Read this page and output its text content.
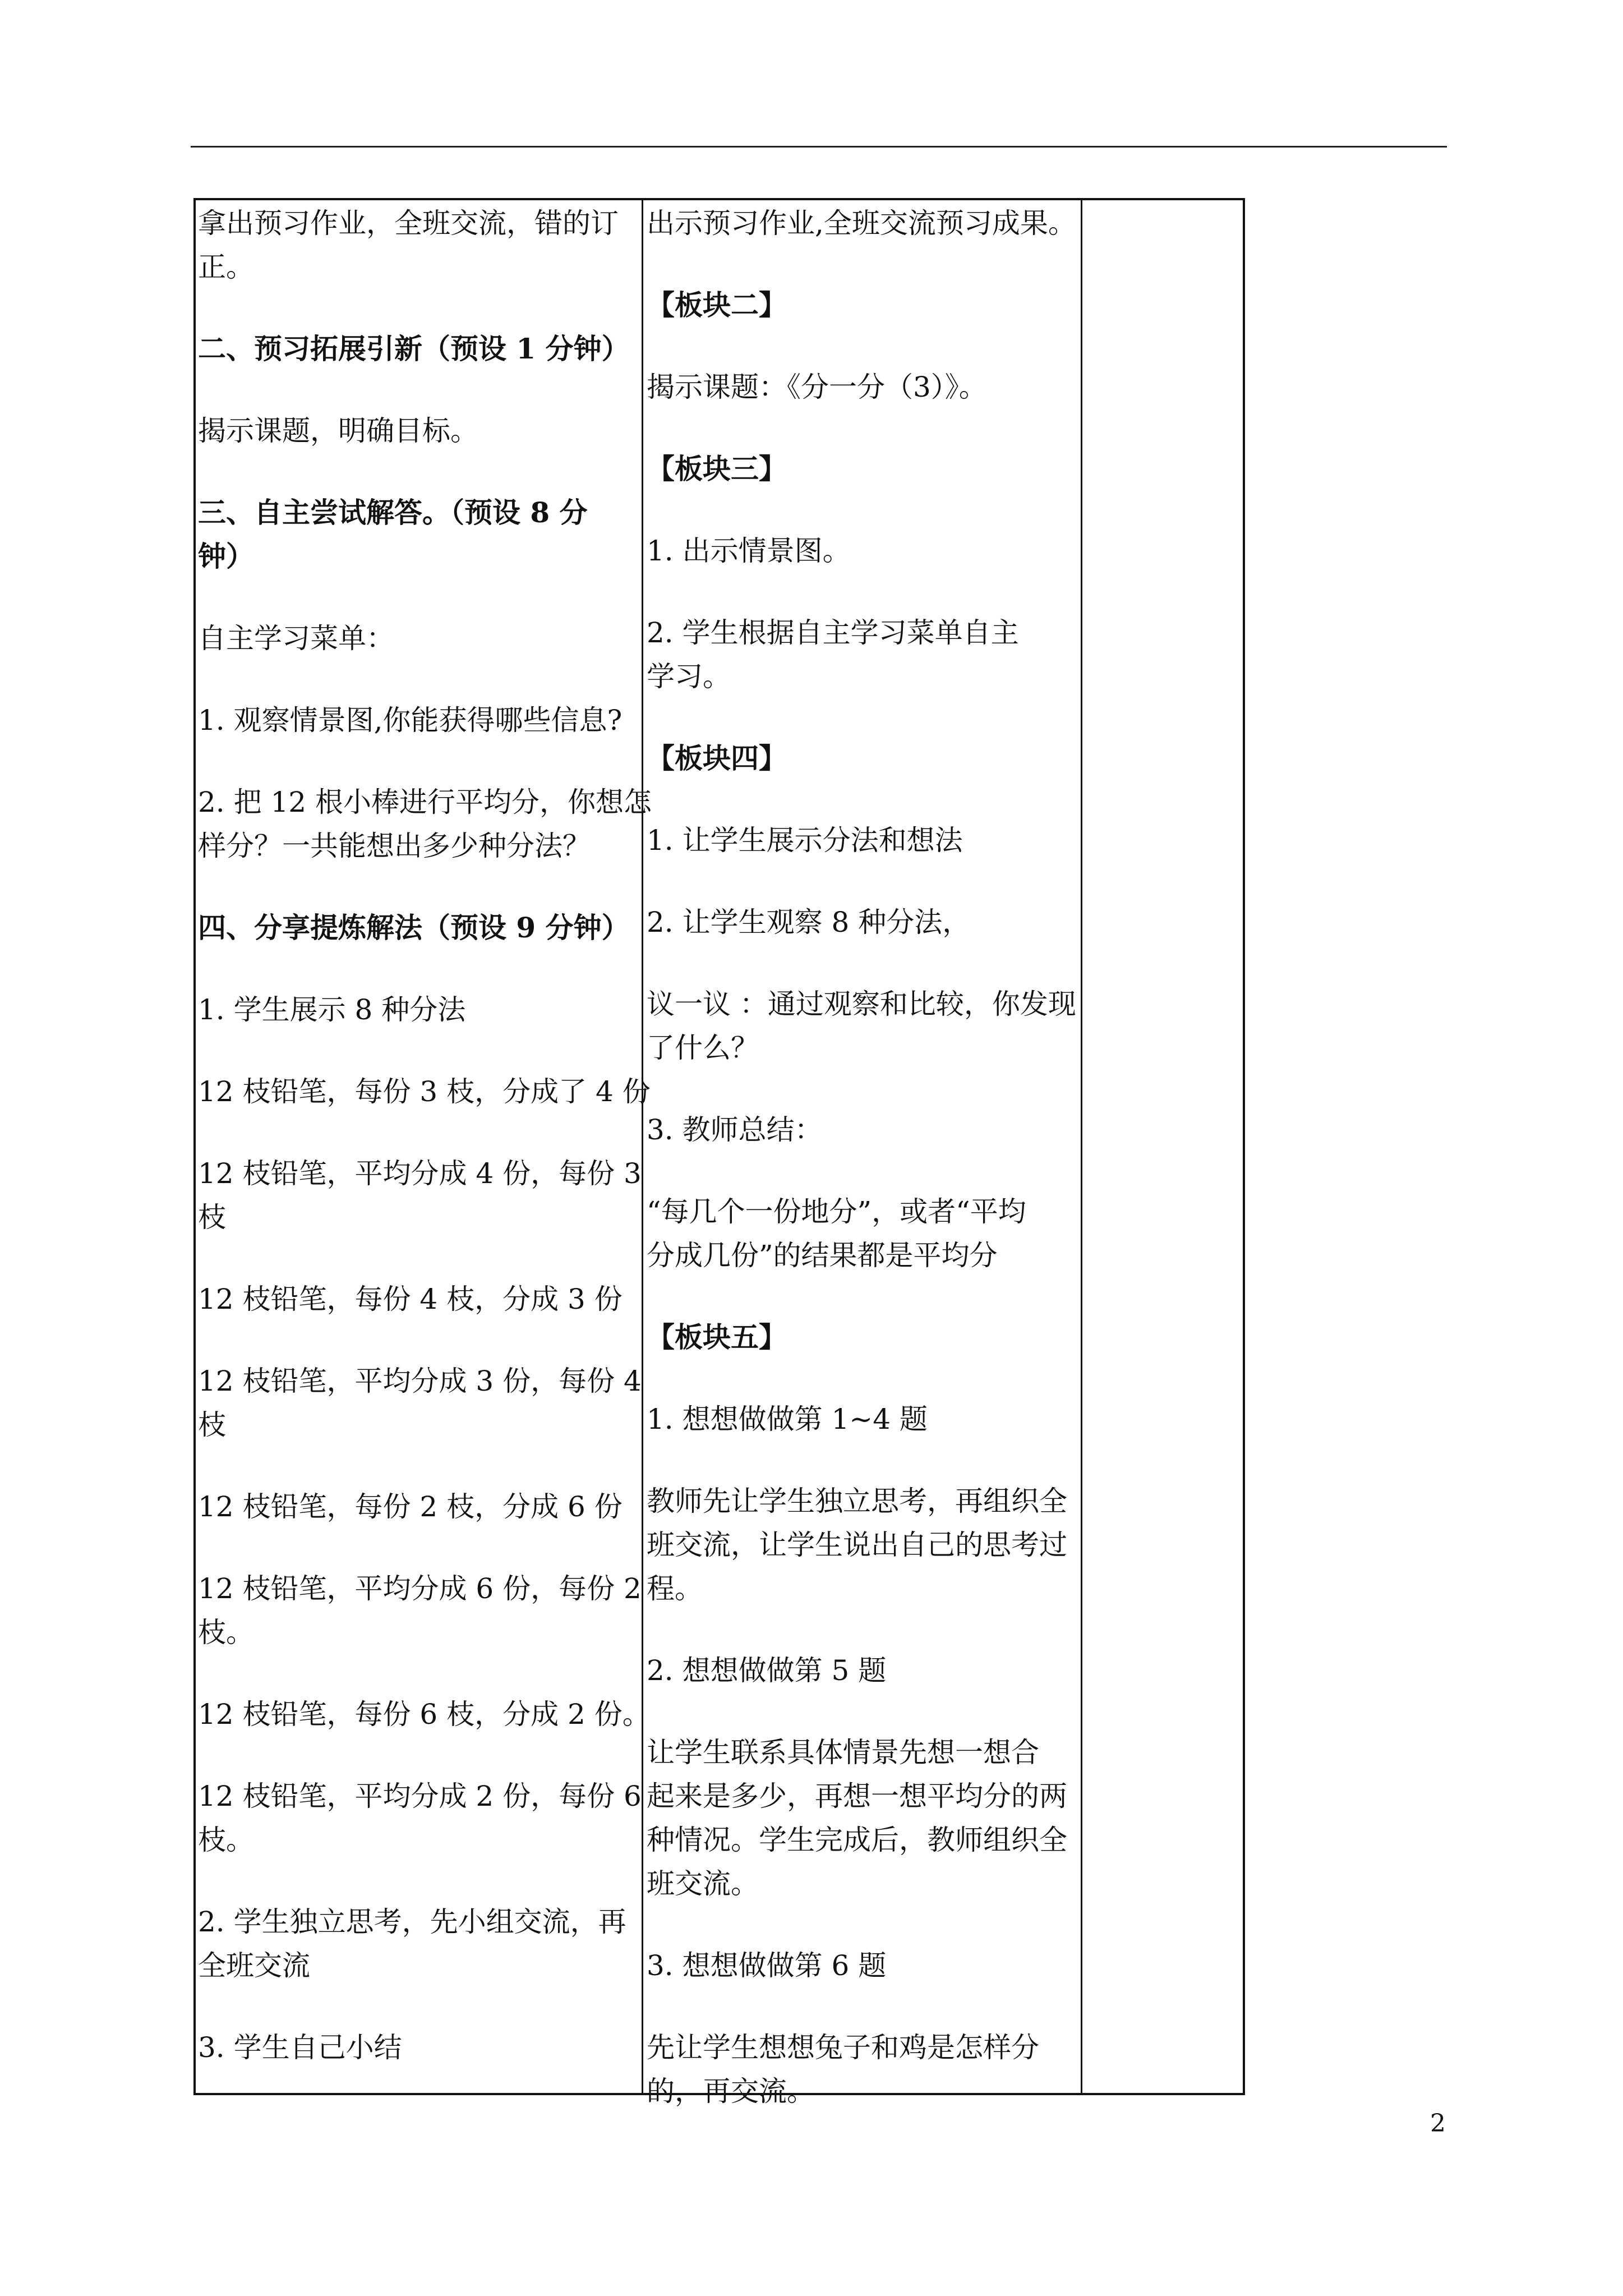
拿出预习作业，全班交流，错的订
正。
二、预习拓展引新（预设 1 分钟）
揭示课题，明确目标。
三、自主尝试解答。（预设 8 分
钟）
自主学习菜单：
1. 观察情景图,你能获得哪些信息?
2. 把 12 根小棒进行平均分，你想怎
样分？一共能想出多少种分法？
四、分享提炼解法（预设 9 分钟）
1. 学生展示 8 种分法
12 枝铅笔，每份 3 枝，分成了 4 份
12 枝铅笔，平均分成 4 份，每份 3
枝
12 枝铅笔，每份 4 枝，分成 3 份
12 枝铅笔，平均分成 3 份，每份 4
枝
12 枝铅笔，每份 2 枝，分成 6 份
12 枝铅笔，平均分成 6 份，每份 2
枝。
12 枝铅笔，每份 6 枝，分成 2 份。
12 枝铅笔，平均分成 2 份，每份 6
枝。
2. 学生独立思考，先小组交流，再
全班交流
3. 学生自己小结
出示预习作业,全班交流预习成果。
【板块二】
揭示课题：《分一分（3）》。
【板块三】
1. 出示情景图。
2. 学生根据自主学习菜单自主
学习。
【板块四】
1. 让学生展示分法和想法
2. 让学生观察 8 种分法，
议一议 ：通过观察和比较，你发现
了什么？
3. 教师总结：
“每几个一份地分”，或者“平均
分成几份”的结果都是平均分
【板块五】
1. 想想做做第 1~4 题
教师先让学生独立思考，再组织全
班交流，让学生说出自己的思考过
程。
2. 想想做做第 5 题
让学生联系具体情景先想一想合
起来是多少，再想一想平均分的两
种情况。学生完成后，教师组织全
班交流。
3. 想想做做第 6 题
先让学生想想兔子和鸡是怎样分
的，再交流。
2
